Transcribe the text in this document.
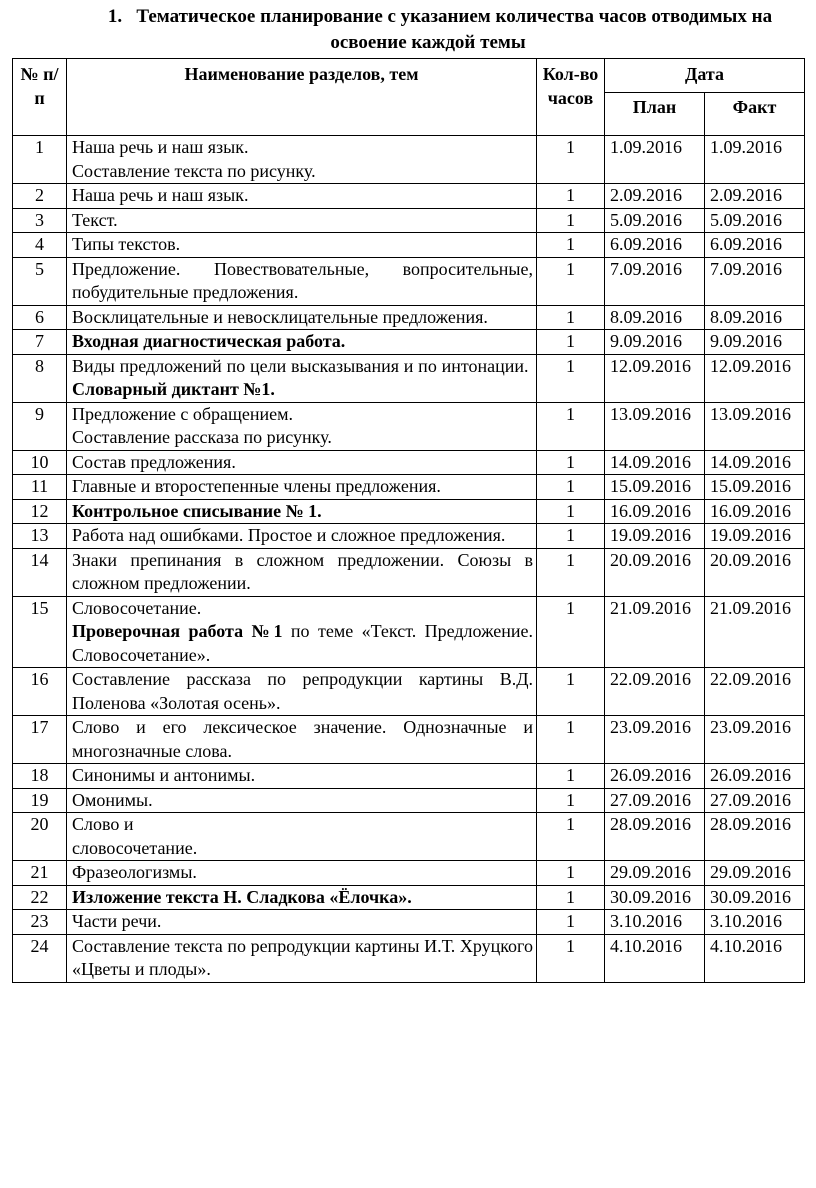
1.   Тематическое планирование с указанием количества часов отводимых на
освоение каждой темы
№ п/п	Наименование разделов, тем	Кол-во часов	Дата	
			План	Факт
1	Наша речь и наш язык.
Составление текста по рисунку.	1	1.09.2016	1.09.2016
2	Наша речь и наш язык.	1	2.09.2016	2.09.2016
3	Текст.	1	5.09.2016	5.09.2016
4	Типы текстов.	1	6.09.2016	6.09.2016
5	Предложение. Повествовательные, вопросительные, побудительные предложения.	1	7.09.2016	7.09.2016
6	Восклицательные и невосклицательные предложения.	1	8.09.2016	8.09.2016
7	Входная диагностическая работа.	1	9.09.2016	9.09.2016
8	Виды предложений по цели высказывания и по интонации.  Словарный диктант №1.	1	12.09.2016	12.09.2016
9	Предложение с обращением.
Составление рассказа по рисунку.	1	13.09.2016	13.09.2016
10	Состав предложения.	1	14.09.2016	14.09.2016
11	Главные и второстепенные члены предложения.	1	15.09.2016	15.09.2016
12	Контрольное списывание № 1.	1	16.09.2016	16.09.2016
13	Работа над ошибками. Простое и сложное предложения.	1	19.09.2016	19.09.2016
14	Знаки препинания в сложном предложении. Союзы в сложном предложении.	1	20.09.2016	20.09.2016
15	Словосочетание.
Проверочная работа №1 по теме «Текст. Предложение. Словосочетание».	1	21.09.2016	21.09.2016
16	Составление рассказа по репродукции картины В.Д. Поленова «Золотая осень».	1	22.09.2016	22.09.2016
17	Слово и его лексическое значение. Однозначные и многозначные слова.	1	23.09.2016	23.09.2016
18	Синонимы и антонимы.	1	26.09.2016	26.09.2016
19	Омонимы.	1	27.09.2016	27.09.2016
20	Слово и
словосочетание.	1	28.09.2016	28.09.2016
21	Фразеологизмы.	1	29.09.2016	29.09.2016
22	Изложение текста Н. Сладкова «Ёлочка».	1	30.09.2016	30.09.2016
23	Части речи.	1	3.10.2016	3.10.2016
24	Составление текста по репродукции картины И.Т. Хруцкого «Цветы и плоды».	1	4.10.2016	4.10.2016
